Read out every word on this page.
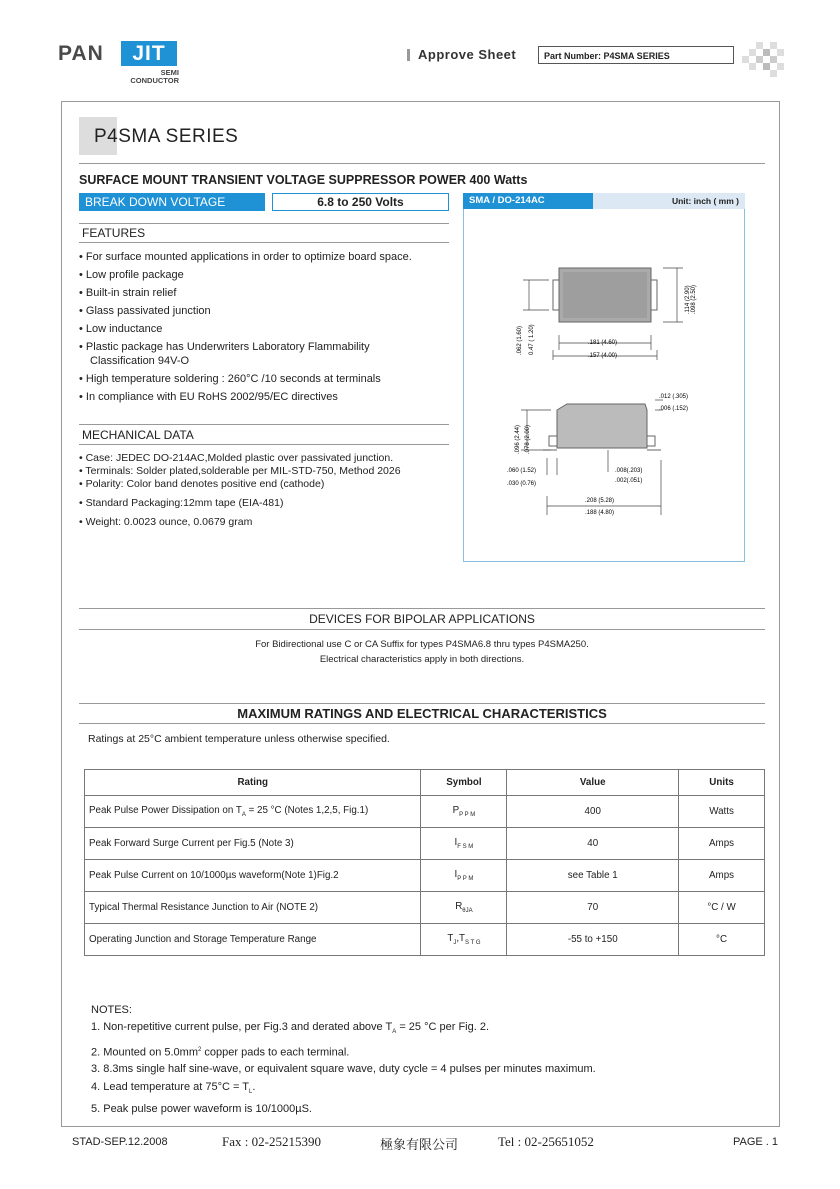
PAN	JIT
SEMI
CONDUCTOR
Approve Sheet	Part Number: P4SMA SERIES
P4SMA SERIES
SURFACE MOUNT TRANSIENT VOLTAGE SUPPRESSOR POWER 400 Watts
BREAK DOWN VOLTAGE	6.8 to 250 Volts	SMA / DO-214AC	Unit: inch ( mm )
.181 (4.60)
.157 (4.00)
.114 (2.90) .098 (2.50)
.062 (1.60) 0.47 ( 1.20)
.012 (.305)
.006 (.152)
.096 (2.44) .078 (2.00)
.060 (1.52)
.030 (0.76)
.008(.203)
.002(.051)
.208 (5.28)
.188 (4.80)
FEATURES
• For surface mounted applications in order to optimize board space.
• Low profile package
• Built-in strain relief
• Glass passivated junction
• Low inductance
• Plastic package has Underwriters Laboratory Flammability Classification 94V-O
• High temperature soldering : 260°C /10 seconds at terminals
• In compliance with EU RoHS 2002/95/EC directives
MECHANICAL DATA
• Case: JEDEC DO-214AC,Molded plastic over passivated junction.
• Terminals: Solder plated,solderable per MIL-STD-750, Method 2026
• Polarity: Color band denotes positive end (cathode)
• Standard Packaging:12mm tape (EIA-481)
• Weight: 0.0023 ounce, 0.0679 gram
DEVICES FOR BIPOLAR APPLICATIONS
For Bidirectional use C or CA Suffix for types P4SMA6.8 thru types P4SMA250.
Electrical characteristics apply in both directions.
MAXIMUM RATINGS AND ELECTRICAL CHARACTERISTICS
Ratings at 25°C ambient temperature unless otherwise specified.
Rating	Symbol	Value	Units
Peak Pulse Power Dissipation on $T_A = 25$ °C (Notes 1,2,5, Fig.1)	$P_{P P M}$	400	Watts
Peak Forward Surge Current per Fig.5 (Note 3)	$I_{F S M}$	40	Amps
Peak Pulse Current on 10/1000µs waveform(Note 1)Fig.2	$I_{P P M}$	see Table 1	Amps
Typical Thermal Resistance Junction to Air (NOTE 2)	$R_{\theta JA}$	70	°C / W
Operating Junction and Storage Temperature Range	$T_J,T_{S T G}$	-55 to +150	°C
NOTES:
1. Non-repetitive current pulse, per Fig.3 and derated above $T_A = 25$ °C per Fig. 2.
2. Mounted on $5.0mm^2$ copper pads to each terminal.
3. 8.3ms single half sine-wave, or equivalent square wave, duty cycle = 4 pulses per minutes maximum.
4. Lead temperature at $75^\circ C = T_L$.
5. Peak pulse power waveform is 10/1000µS.
STAD-SEP.12.2008	Fax : 02-25215390	極象有限公司	Tel : 02-25651052	PAGE . 1
